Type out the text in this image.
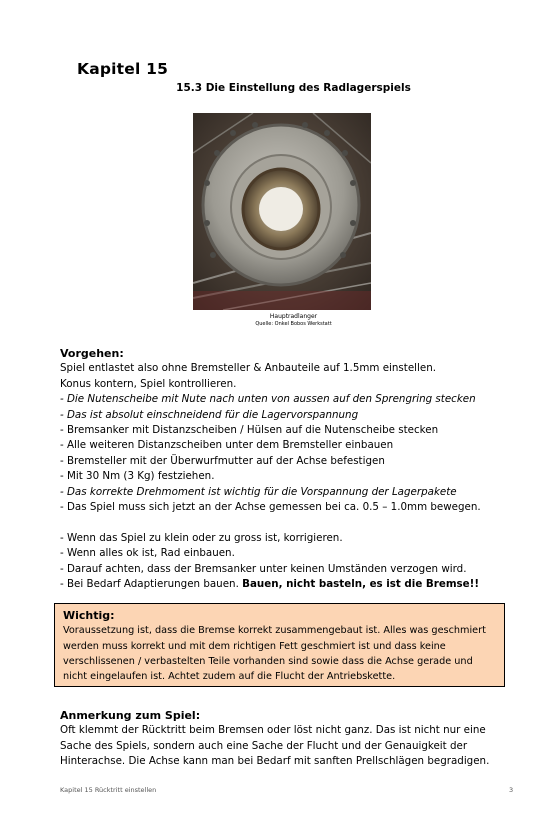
Kapitel 15
15.3 Die Einstellung des Radlagerspiels
Hauptradlanger
Quelle: Onkel Bobos Werkstatt
Vorgehen:
Spiel entlastet also ohne Bremsteller & Anbauteile auf 1.5mm einstellen.
Konus kontern, Spiel kontrollieren.
- Die Nutenscheibe mit Nute nach unten von aussen auf den Sprengring stecken
- Das ist absolut einschneidend für die Lagervorspannung
- Bremsanker mit Distanzscheiben / Hülsen auf die Nutenscheibe stecken
- Alle weiteren Distanzscheiben unter dem Bremsteller einbauen
- Bremsteller mit der Überwurfmutter auf der Achse befestigen
- Mit 30 Nm (3 Kg) festziehen.
- Das korrekte Drehmoment ist wichtig für die Vorspannung der Lagerpakete
- Das Spiel muss sich jetzt an der Achse gemessen bei ca. 0.5 – 1.0mm bewegen.
- Wenn das Spiel zu klein oder zu gross ist, korrigieren.
- Wenn alles ok ist, Rad einbauen.
- Darauf achten, dass der Bremsanker unter keinen Umständen verzogen wird.
- Bei Bedarf Adaptierungen bauen. Bauen, nicht basteln, es ist die Bremse!!
Wichtig:
Voraussetzung ist, dass die Bremse korrekt zusammengebaut ist. Alles was geschmiert
werden muss korrekt und mit dem richtigen Fett geschmiert ist und dass keine
verschlissenen / verbastelten Teile vorhanden sind sowie dass die Achse gerade und
nicht eingelaufen ist. Achtet zudem auf die Flucht der Antriebskette.
Anmerkung zum Spiel:
Oft klemmt der Rücktritt beim Bremsen oder löst nicht ganz. Das ist nicht nur eine
Sache des Spiels, sondern auch eine Sache der Flucht und der Genauigkeit der
Hinterachse. Die Achse kann man bei Bedarf mit sanften Prellschlägen begradigen.
Kapitel 15 Rücktritt einstellen	3
